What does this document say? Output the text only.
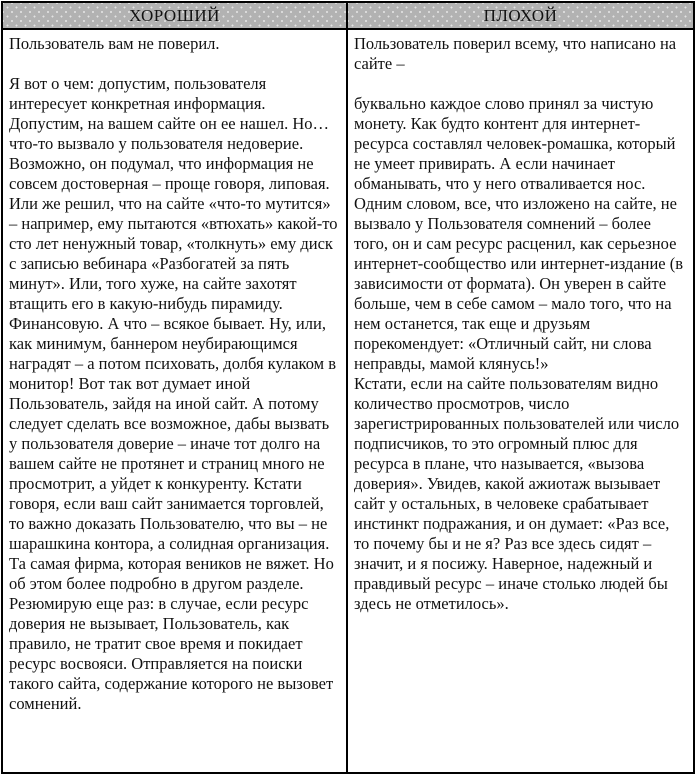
ХОРОШИЙ

Пользователь вам не поверил.

Я вот о чем: допустим, пользователя интересует конкретная информация. Допустим, на вашем сайте он ее нашел. Но… что-то вызвало у пользователя недоверие. Возможно, он подумал, что информация не совсем достоверная – проще говоря, липовая. Или же решил, что на сайте «что-то мутится» – например, ему пытаются «втюхать» какой-то сто лет ненужный товар, «толкнуть» ему диск с записью вебинара «Разбогатей за пять минут». Или, того хуже, на сайте захотят втащить его в какую-нибудь пирамиду. Финансовую. А что – всякое бывает. Ну, или, как минимум, баннером неубирающимся наградят – а потом психовать, долбя кулаком в монитор! Вот так вот думает иной Пользователь, зайдя на иной сайт. А потому следует сделать все возможное, дабы вызвать у пользователя доверие – иначе тот долго на вашем сайте не протянет и страниц много не просмотрит, а уйдет к конкуренту. Кстати говоря, если ваш сайт занимается торговлей, то важно доказать Пользователю, что вы – не шарашкина контора, а солидная организация. Та самая фирма, которая веников не вяжет. Но об этом более подробно в другом разделе. Резюмирую еще раз: в случае, если ресурс доверия не вызывает, Пользователь, как правило, не тратит свое время и покидает ресурс восвояси. Отправляется на поиски такого сайта, содержание которого не вызовет сомнений.

ПЛОХОЙ

Пользователь поверил всему, что написано на сайте –

буквально каждое слово принял за чистую монету. Как будто контент для интернет-ресурса составлял человек-ромашка, который не умеет привирать. А если начинает обманывать, что у него отваливается нос. Одним словом, все, что изложено на сайте, не вызвало у Пользователя сомнений – более того, он и сам ресурс расценил, как серьезное интернет-сообщество или интернет-издание (в зависимости от формата). Он уверен в сайте больше, чем в себе самом – мало того, что на нем останется, так еще и друзьям порекомендует: «Отличный сайт, ни слова неправды, мамой клянусь!»

Кстати, если на сайте пользователям видно количество просмотров, число зарегистрированных пользователей или число подписчиков, то это огромный плюс для ресурса в плане, что называется, «вызова доверия». Увидев, какой ажиотаж вызывает сайт у остальных, в человеке срабатывает инстинкт подражания, и он думает: «Раз все, то почему бы и не я? Раз все здесь сидят – значит, и я посижу. Наверное, надежный и правдивый ресурс – иначе столько людей бы здесь не отметилось».
